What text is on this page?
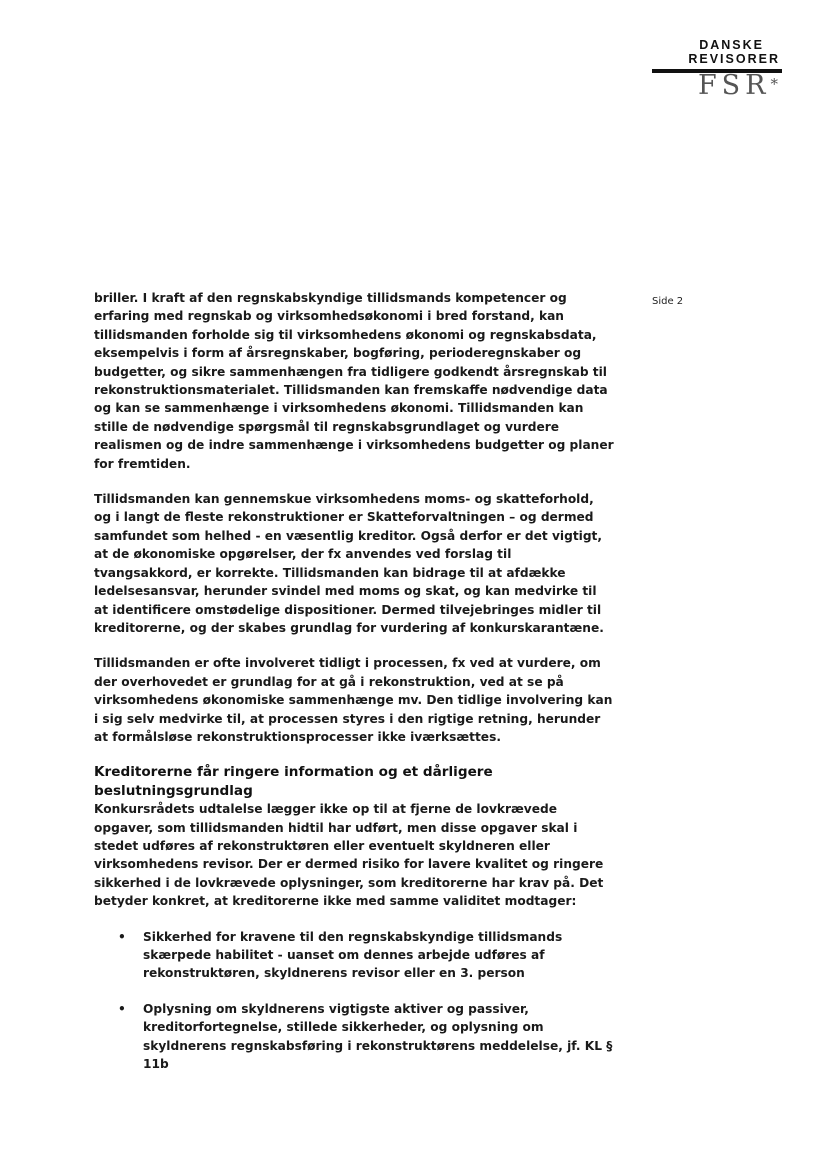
DANSKE
REVISORER
FSR*
Side 2

briller. I kraft af den regnskabskyndige tillidsmands kompetencer og erfaring med regnskab og virksomhedsøkonomi i bred forstand, kan tillidsmanden forholde sig til virksomhedens økonomi og regnskabsdata, eksempelvis i form af årsregnskaber, bogføring, perioderegnskaber og budgetter, og sikre sammenhængen fra tidligere godkendt årsregnskab til rekonstruktionsmaterialet. Tillidsmanden kan fremskaffe nødvendige data og kan se sammenhænge i virksomhedens økonomi. Tillidsmanden kan stille de nødvendige spørgsmål til regnskabsgrundlaget og vurdere realismen og de indre sammenhænge i virksomhedens budgetter og planer for fremtiden.

Tillidsmanden kan gennemskue virksomhedens moms- og skatteforhold, og i langt de fleste rekonstruktioner er Skatteforvaltningen – og dermed samfundet som helhed - en væsentlig kreditor. Også derfor er det vigtigt, at de økonomiske opgørelser, der fx anvendes ved forslag til tvangsakkord, er korrekte. Tillidsmanden kan bidrage til at afdække ledelsesansvar, herunder svindel med moms og skat, og kan medvirke til at identificere omstødelige dispositioner. Dermed tilvejebringes midler til kreditorerne, og der skabes grundlag for vurdering af konkurskarantæne.

Tillidsmanden er ofte involveret tidligt i processen, fx ved at vurdere, om der overhovedet er grundlag for at gå i rekonstruktion, ved at se på virksomhedens økonomiske sammenhænge mv. Den tidlige involvering kan i sig selv medvirke til, at processen styres i den rigtige retning, herunder at formålsløse rekonstruktionsprocesser ikke iværksættes.

Kreditorerne får ringere information og et dårligere beslutningsgrundlag

Konkursrådets udtalelse lægger ikke op til at fjerne de lovkrævede opgaver, som tillidsmanden hidtil har udført, men disse opgaver skal i stedet udføres af rekonstruktøren eller eventuelt skyldneren eller virksomhedens revisor. Der er dermed risiko for lavere kvalitet og ringere sikkerhed i de lovkrævede oplysninger, som kreditorerne har krav på. Det betyder konkret, at kreditorerne ikke med samme validitet modtager:

• Sikkerhed for kravene til den regnskabskyndige tillidsmands skærpede habilitet - uanset om dennes arbejde udføres af rekonstruktøren, skyldnerens revisor eller en 3. person
• Oplysning om skyldnerens vigtigste aktiver og passiver, kreditorfortegnelse, stillede sikkerheder, og oplysning om skyldnerens regnskabsføring i rekonstruktørens meddelelse, jf. KL § 11b
